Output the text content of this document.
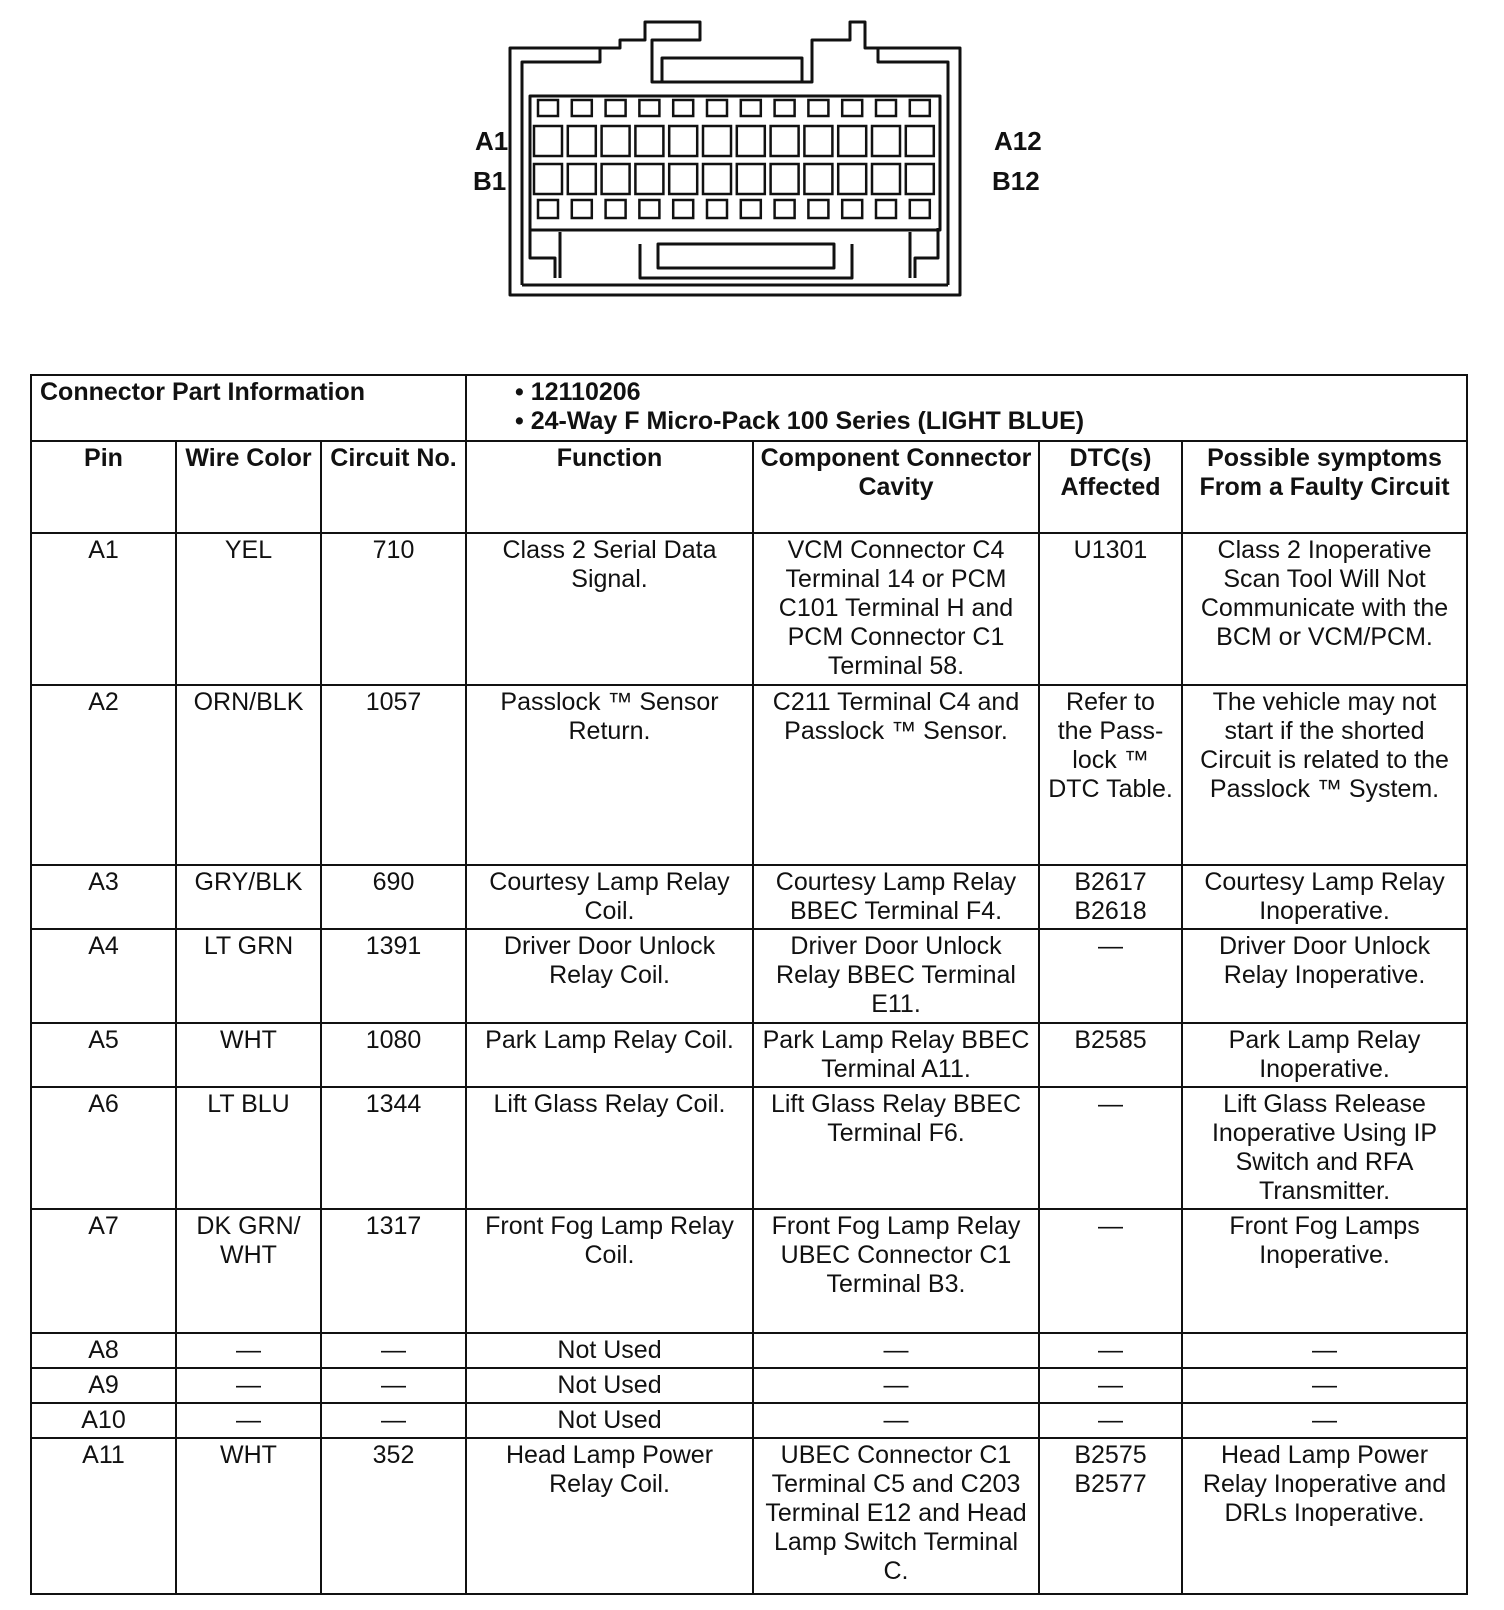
A1
B1
A12
B12
Connector Part Information			• 12110206
• 24-Way F Micro-Pack 100 Series (LIGHT BLUE)

Pin	Wire Color	Circuit No.	Function	Component Connector Cavity	DTC(s) Affected	Possible symptoms From a Faulty Circuit
A1	YEL	710	Class 2 Serial Data Signal.	VCM Connector C4 Terminal 14 or PCM C101 Terminal H and PCM Connector C1 Terminal 58.	U1301	Class 2 Inoperative Scan Tool Will Not Communicate with the BCM or VCM/PCM.
A2	ORN/BLK	1057	Passlock ™ Sensor Return.	C211 Terminal C4 and Passlock ™ Sensor.	Refer to the Pass-lock ™ DTC Table.	The vehicle may not start if the shorted Circuit is related to the Passlock ™ System.
A3	GRY/BLK	690	Courtesy Lamp Relay Coil.	Courtesy Lamp Relay BBEC Terminal F4.	B2617 B2618	Courtesy Lamp Relay Inoperative.
A4	LT GRN	1391	Driver Door Unlock Relay Coil.	Driver Door Unlock Relay BBEC Terminal E11.	—	Driver Door Unlock Relay Inoperative.
A5	WHT	1080	Park Lamp Relay Coil.	Park Lamp Relay BBEC Terminal A11.	B2585	Park Lamp Relay Inoperative.
A6	LT BLU	1344	Lift Glass Relay Coil.	Lift Glass Relay BBEC Terminal F6.	—	Lift Glass Release Inoperative Using IP Switch and RFA Transmitter.
A7	DK GRN/ WHT	1317	Front Fog Lamp Relay Coil.	Front Fog Lamp Relay UBEC Connector C1 Terminal B3.	—	Front Fog Lamps Inoperative.
A8	—	—	Not Used	—	—	—
A9	—	—	Not Used	—	—	—
A10	—	—	Not Used	—	—	—
A11	WHT	352	Head Lamp Power Relay Coil.	UBEC Connector C1 Terminal C5 and C203 Terminal E12 and Head Lamp Switch Terminal C.	B2575 B2577	Head Lamp Power Relay Inoperative and DRLs Inoperative.
